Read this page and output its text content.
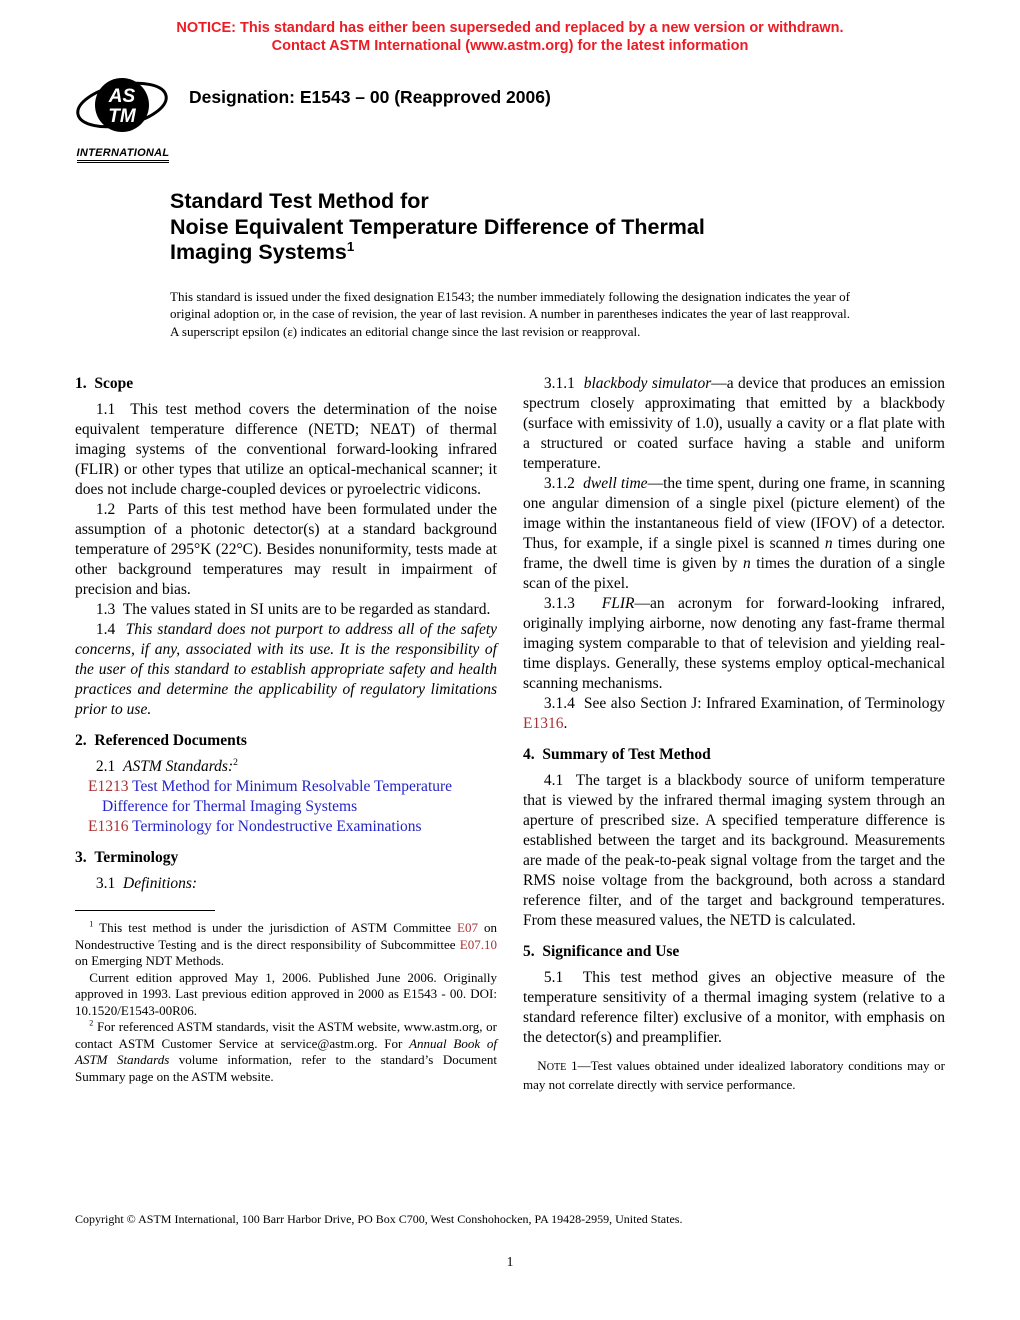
NOTICE: This standard has either been superseded and replaced by a new version or withdrawn.
Contact ASTM International (www.astm.org) for the latest information
AS
TM
INTERNATIONAL
Designation: E1543 – 00 (Reapproved 2006)
Standard Test Method for
Noise Equivalent Temperature Difference of Thermal
Imaging Systems$^1$
This standard is issued under the fixed designation E1543; the number immediately following the designation indicates the year of original adoption or, in the case of revision, the year of last revision. A number in parentheses indicates the year of last reapproval. A superscript epsilon (ε) indicates an editorial change since the last revision or reapproval.
1.  Scope

1.1  This test method covers the determination of the noise equivalent temperature difference (NETD; NEΔT) of thermal imaging systems of the conventional forward-looking infrared (FLIR) or other types that utilize an optical-mechanical scanner; it does not include charge-coupled devices or pyroelectric vidicons.

1.2  Parts of this test method have been formulated under the assumption of a photonic detector(s) at a standard background temperature of 295°K (22°C). Besides nonuniformity, tests made at other background temperatures may result in impairment of precision and bias.

1.3  The values stated in SI units are to be regarded as standard.

1.4  This standard does not purport to address all of the safety concerns, if any, associated with its use. It is the responsibility of the user of this standard to establish appropriate safety and health practices and determine the applicability of regulatory limitations prior to use.

2.  Referenced Documents

2.1  ASTM Standards:$^2$

E1213 Test Method for Minimum Resolvable Temperature Difference for Thermal Imaging Systems

E1316 Terminology for Nondestructive Examinations

3.  Terminology

3.1  Definitions:

$^1$ This test method is under the jurisdiction of ASTM Committee E07 on Nondestructive Testing and is the direct responsibility of Subcommittee E07.10 on Emerging NDT Methods.

Current edition approved May 1, 2006. Published June 2006. Originally approved in 1993. Last previous edition approved in 2000 as E1543 - 00. DOI: 10.1520/E1543-00R06.

$^2$ For referenced ASTM standards, visit the ASTM website, www.astm.org, or contact ASTM Customer Service at service@astm.org. For Annual Book of ASTM Standards volume information, refer to the standard’s Document Summary page on the ASTM website.

3.1.1  blackbody simulator—a device that produces an emission spectrum closely approximating that emitted by a blackbody (surface with emissivity of 1.0), usually a cavity or a flat plate with a structured or coated surface having a stable and uniform temperature.

3.1.2  dwell time—the time spent, during one frame, in scanning one angular dimension of a single pixel (picture element) of the image within the instantaneous field of view (IFOV) of a detector. Thus, for example, if a single pixel is scanned n times during one frame, the dwell time is given by n times the duration of a single scan of the pixel.

3.1.3  FLIR—an acronym for forward-looking infrared, originally implying airborne, now denoting any fast-frame thermal imaging system comparable to that of television and yielding real-time displays. Generally, these systems employ optical-mechanical scanning mechanisms.

3.1.4  See also Section J: Infrared Examination, of Terminology E1316.

4.  Summary of Test Method

4.1  The target is a blackbody source of uniform temperature that is viewed by the infrared thermal imaging system through an aperture of prescribed size. A specified temperature difference is established between the target and its background. Measurements are made of the peak-to-peak signal voltage from the target and the RMS noise voltage from the background, both across a standard reference filter, and of the target and background temperatures. From these measured values, the NETD is calculated.

5.  Significance and Use

5.1  This test method gives an objective measure of the temperature sensitivity of a thermal imaging system (relative to a standard reference filter) exclusive of a monitor, with emphasis on the detector(s) and preamplifier.

NOTE 1—Test values obtained under idealized laboratory conditions may or may not correlate directly with service performance.

Copyright © ASTM International, 100 Barr Harbor Drive, PO Box C700, West Conshohocken, PA 19428-2959, United States.
1
